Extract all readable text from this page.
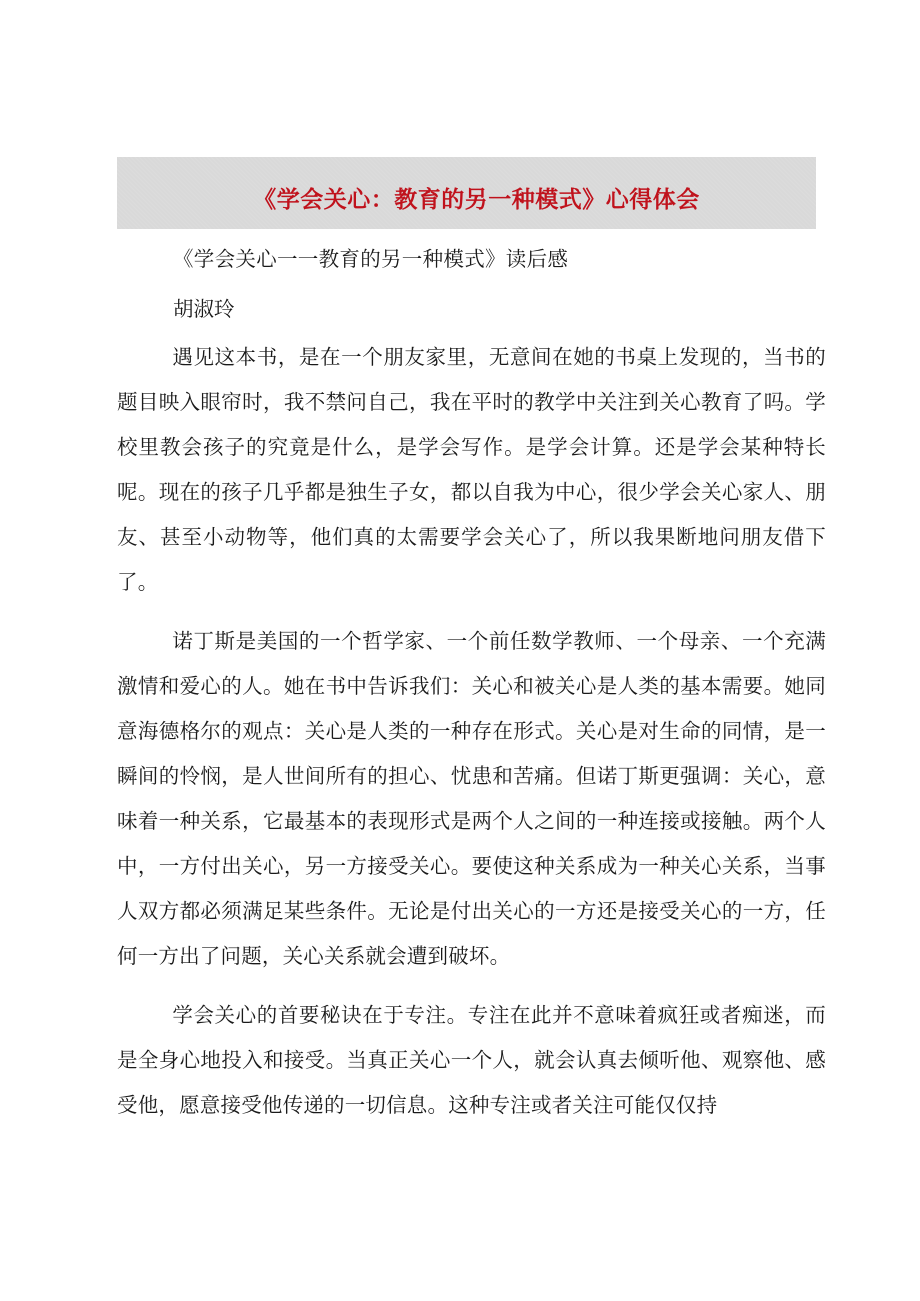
《学会关心：教育的另一种模式》心得体会
《学会关心一一教育的另一种模式》读后感
胡淑玲

遇见这本书，是在一个朋友家里，无意间在她的书桌上发现的，当书的题目映入眼帘时，我不禁问自己，我在平时的教学中关注到关心教育了吗。学校里教会孩子的究竟是什么，是学会写作。是学会计算。还是学会某种特长呢。现在的孩子几乎都是独生子女，都以自我为中心，很少学会关心家人、朋友、甚至小动物等，他们真的太需要学会关心了，所以我果断地问朋友借下了。

诺丁斯是美国的一个哲学家、一个前任数学教师、一个母亲、一个充满激情和爱心的人。她在书中告诉我们：关心和被关心是人类的基本需要。她同意海德格尔的观点：关心是人类的一种存在形式。关心是对生命的同情，是一瞬间的怜悯，是人世间所有的担心、忧患和苦痛。但诺丁斯更强调：关心，意味着一种关系，它最基本的表现形式是两个人之间的一种连接或接触。两个人中，一方付出关心，另一方接受关心。要使这种关系成为一种关心关系，当事人双方都必须满足某些条件。无论是付出关心的一方还是接受关心的一方，任何一方出了问题，关心关系就会遭到破坏。

学会关心的首要秘诀在于专注。专注在此并不意味着疯狂或者痴迷，而是全身心地投入和接受。当真正关心一个人，就会认真去倾听他、观察他、感受他，愿意接受他传递的一切信息。这种专注或者关注可能仅仅持
